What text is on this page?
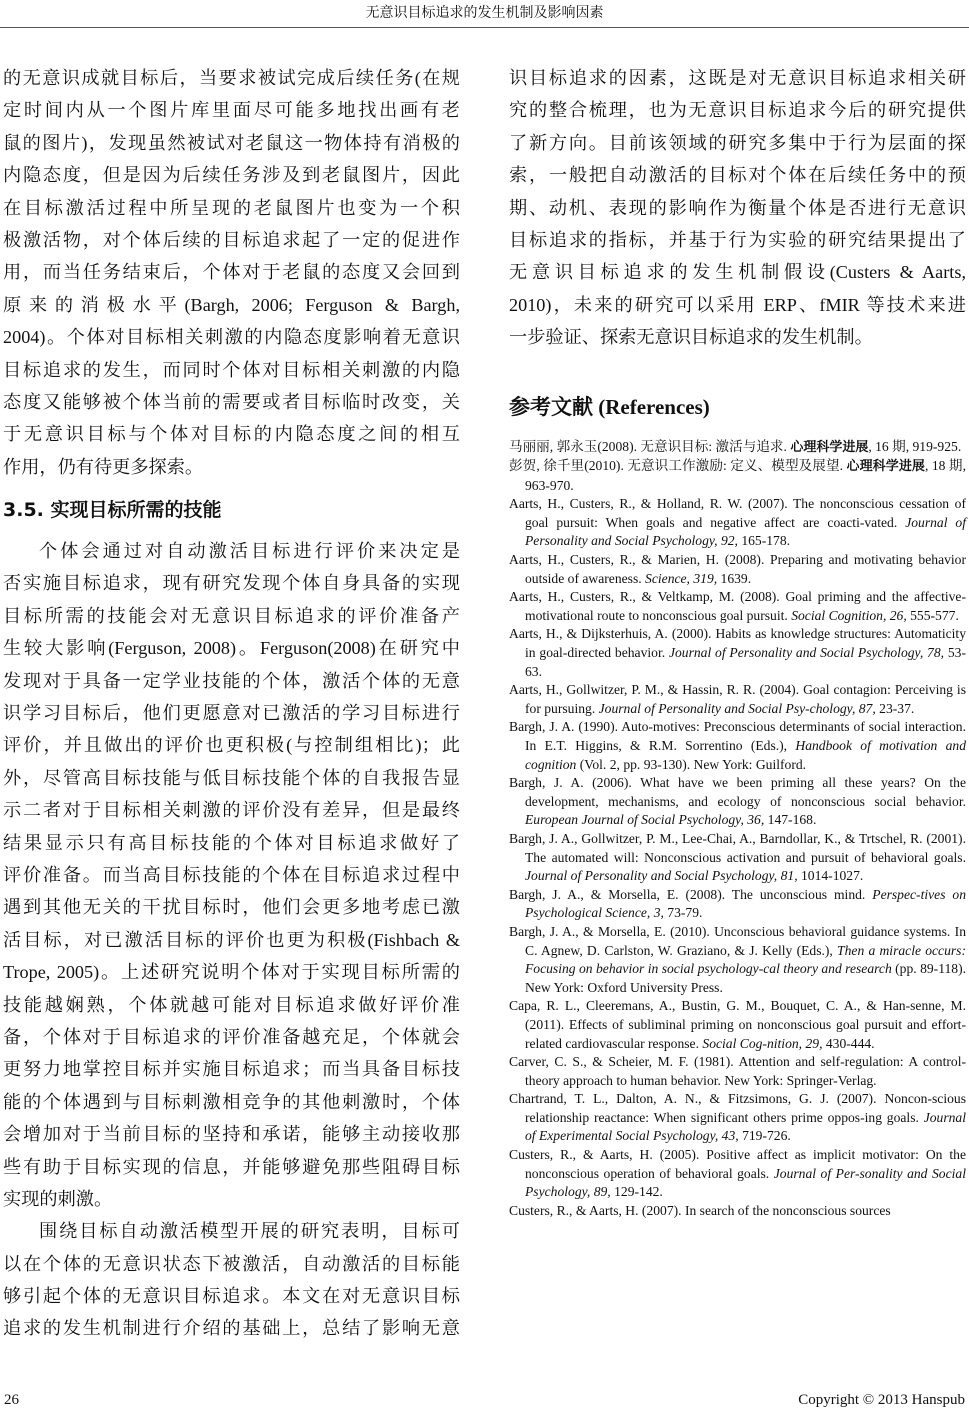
无意识目标追求的发生机制及影响因素
的无意识成就目标后，当要求被试完成后续任务(在规
定时间内从一个图片库里面尽可能多地找出画有老
鼠的图片)，发现虽然被试对老鼠这一物体持有消极的
内隐态度，但是因为后续任务涉及到老鼠图片，因此
在目标激活过程中所呈现的老鼠图片也变为一个积
极激活物，对个体后续的目标追求起了一定的促进作
用，而当任务结束后，个体对于老鼠的态度又会回到
原来的消极水平(Bargh, 2006; Ferguson & Bargh,
2004)。个体对目标相关刺激的内隐态度影响着无意识
目标追求的发生，而同时个体对目标相关刺激的内隐
态度又能够被个体当前的需要或者目标临时改变，关
于无意识目标与个体对目标的内隐态度之间的相互
作用，仍有待更多探索。
3.5. 实现目标所需的技能
个体会通过对自动激活目标进行评价来决定是
否实施目标追求，现有研究发现个体自身具备的实现
目标所需的技能会对无意识目标追求的评价准备产
生较大影响(Ferguson, 2008)。Ferguson(2008)在研究中
发现对于具备一定学业技能的个体，激活个体的无意
识学习目标后，他们更愿意对已激活的学习目标进行
评价，并且做出的评价也更积极(与控制组相比)；此
外，尽管高目标技能与低目标技能个体的自我报告显
示二者对于目标相关刺激的评价没有差异，但是最终
结果显示只有高目标技能的个体对目标追求做好了
评价准备。而当高目标技能的个体在目标追求过程中
遇到其他无关的干扰目标时，他们会更多地考虑已激
活目标，对已激活目标的评价也更为积极(Fishbach &
Trope, 2005)。上述研究说明个体对于实现目标所需的
技能越娴熟，个体就越可能对目标追求做好评价准
备，个体对于目标追求的评价准备越充足，个体就会
更努力地掌控目标并实施目标追求；而当具备目标技
能的个体遇到与目标刺激相竞争的其他刺激时，个体
会增加对于当前目标的坚持和承诺，能够主动接收那
些有助于目标实现的信息，并能够避免那些阻碍目标
实现的刺激。
围绕目标自动激活模型开展的研究表明，目标可
以在个体的无意识状态下被激活，自动激活的目标能
够引起个体的无意识目标追求。本文在对无意识目标
追求的发生机制进行介绍的基础上，总结了影响无意
识目标追求的因素，这既是对无意识目标追求相关研
究的整合梳理，也为无意识目标追求今后的研究提供
了新方向。目前该领域的研究多集中于行为层面的探
索，一般把自动激活的目标对个体在后续任务中的预
期、动机、表现的影响作为衡量个体是否进行无意识
目标追求的指标，并基于行为实验的研究结果提出了
无意识目标追求的发生机制假设(Custers & Aarts,
2010)，未来的研究可以采用 ERP、fMIR 等技术来进
一步验证、探索无意识目标追求的发生机制。
参考文献 (References)
马丽丽, 郭永玉(2008). 无意识目标: 激活与追求. 心理科学进展, 16 期, 919-925.
彭贺, 徐千里(2010). 无意识工作激励: 定义、模型及展望. 心理科学进展, 18 期, 963-970.
Aarts, H., Custers, R., & Holland, R. W. (2007). The nonconscious cessation of goal pursuit: When goals and negative affect are coacti-vated. Journal of Personality and Social Psychology, 92, 165-178.
Aarts, H., Custers, R., & Marien, H. (2008). Preparing and motivating behavior outside of awareness. Science, 319, 1639.
Aarts, H., Custers, R., & Veltkamp, M. (2008). Goal priming and the affective-motivational route to nonconscious goal pursuit. Social Cognition, 26, 555-577.
Aarts, H., & Dijksterhuis, A. (2000). Habits as knowledge structures: Automaticity in goal-directed behavior. Journal of Personality and Social Psychology, 78, 53-63.
Aarts, H., Gollwitzer, P. M., & Hassin, R. R. (2004). Goal contagion: Perceiving is for pursuing. Journal of Personality and Social Psy-chology, 87, 23-37.
Bargh, J. A. (1990). Auto-motives: Preconscious determinants of social interaction. In E.T. Higgins, & R.M. Sorrentino (Eds.), Handbook of motivation and cognition (Vol. 2, pp. 93-130). New York: Guilford.
Bargh, J. A. (2006). What have we been priming all these years? On the development, mechanisms, and ecology of nonconscious social behavior. European Journal of Social Psychology, 36, 147-168.
Bargh, J. A., Gollwitzer, P. M., Lee-Chai, A., Barndollar, K., & Trtschel, R. (2001). The automated will: Nonconscious activation and pursuit of behavioral goals. Journal of Personality and Social Psychology, 81, 1014-1027.
Bargh, J. A., & Morsella, E. (2008). The unconscious mind. Perspec-tives on Psychological Science, 3, 73-79.
Bargh, J. A., & Morsella, E. (2010). Unconscious behavioral guidance systems. In C. Agnew, D. Carlston, W. Graziano, & J. Kelly (Eds.), Then a miracle occurs: Focusing on behavior in social psychology-cal theory and research (pp. 89-118). New York: Oxford University Press.
Capa, R. L., Cleeremans, A., Bustin, G. M., Bouquet, C. A., & Han-senne, M. (2011). Effects of subliminal priming on nonconscious goal pursuit and effort-related cardiovascular response. Social Cog-nition, 29, 430-444.
Carver, C. S., & Scheier, M. F. (1981). Attention and self-regulation: A control-theory approach to human behavior. New York: Springer-Verlag.
Chartrand, T. L., Dalton, A. N., & Fitzsimons, G. J. (2007). Noncon-scious relationship reactance: When significant others prime oppos-ing goals. Journal of Experimental Social Psychology, 43, 719-726.
Custers, R., & Aarts, H. (2005). Positive affect as implicit motivator: On the nonconscious operation of behavioral goals. Journal of Per-sonality and Social Psychology, 89, 129-142.
Custers, R., & Aarts, H. (2007). In search of the nonconscious sources
26	Copyright © 2013 Hanspub
